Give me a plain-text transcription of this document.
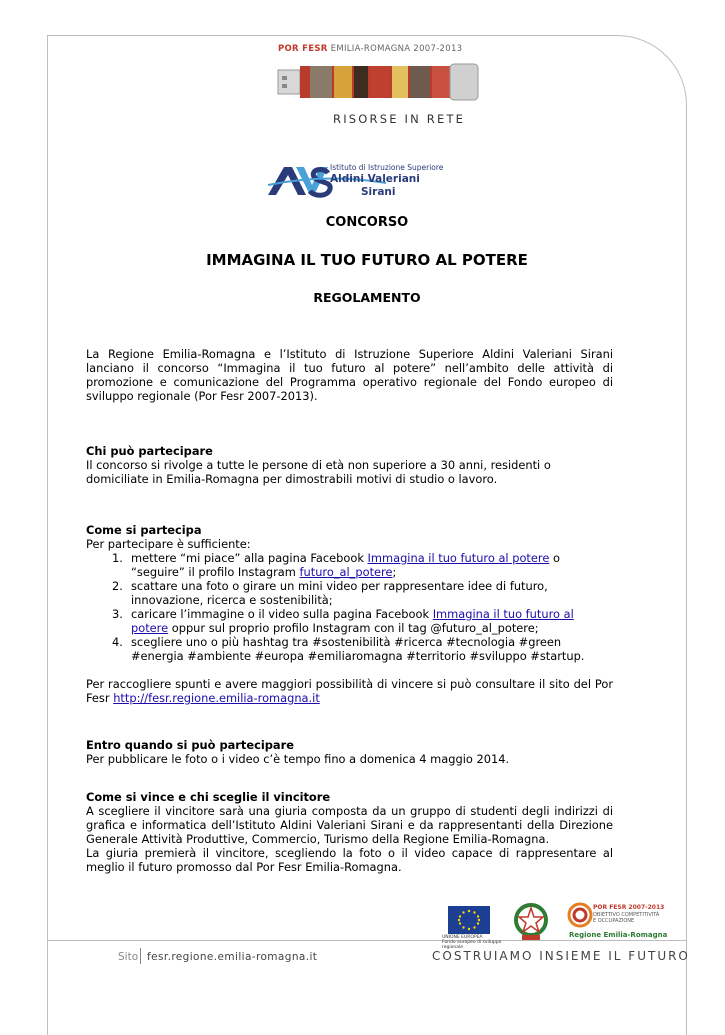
POR FESR EMILIA-ROMAGNA 2007-2013
RISORSE IN RETE
Istituto di Istruzione Superiore
Aldini Valeriani
Sirani
CONCORSO
IMMAGINA IL TUO FUTURO AL POTERE
REGOLAMENTO
La Regione Emilia-Romagna e l’Istituto di Istruzione Superiore Aldini Valeriani Sirani lanciano il concorso “Immagina il tuo futuro al potere” nell’ambito delle attività di promozione e comunicazione del Programma operativo regionale del Fondo europeo di sviluppo regionale (Por Fesr 2007-2013).
Chi può partecipare
Il concorso si rivolge a tutte le persone di età non superiore a 30 anni, residenti o domiciliate in Emilia-Romagna per dimostrabili motivi di studio o lavoro.
Come si partecipa
Per partecipare è sufficiente:
1. mettere “mi piace” alla pagina Facebook Immagina il tuo futuro al potere o “seguire” il profilo Instagram futuro_al_potere;
2. scattare una foto o girare un mini video per rappresentare idee di futuro, innovazione, ricerca e sostenibilità;
3. caricare l’immagine o il video sulla pagina Facebook Immagina il tuo futuro al potere oppur sul proprio profilo Instagram con il tag @futuro_al_potere;
4. scegliere uno o più hashtag tra #sostenibilità #ricerca #tecnologia #green #energia #ambiente #europa #emiliaromagna #territorio #sviluppo #startup.
Per raccogliere spunti e avere maggiori possibilità di vincere si può consultare il sito del Por Fesr http://fesr.regione.emilia-romagna.it
Entro quando si può partecipare
Per pubblicare le foto o i video c’è tempo fino a domenica 4 maggio 2014.
Come si vince e chi sceglie il vincitore
A scegliere il vincitore sarà una giuria composta da un gruppo di studenti degli indirizzi di grafica e informatica dell’Istituto Aldini Valeriani Sirani e da rappresentanti della Direzione Generale Attività Produttive, Commercio, Turismo della Regione Emilia-Romagna.
La giuria premierà il vincitore, scegliendo la foto o il video capace di rappresentare al meglio il futuro promosso dal Por Fesr Emilia-Romagna.
UNIONE EUROPEA
Fondo europeo di sviluppo regionale
POR FESR 2007-2013
OBIETTIVO COMPETITIVITÀ
E OCCUPAZIONE
Regione Emilia-Romagna
Sito fesr.regione.emilia-romagna.it	COSTRUIAMO INSIEME IL FUTURO
